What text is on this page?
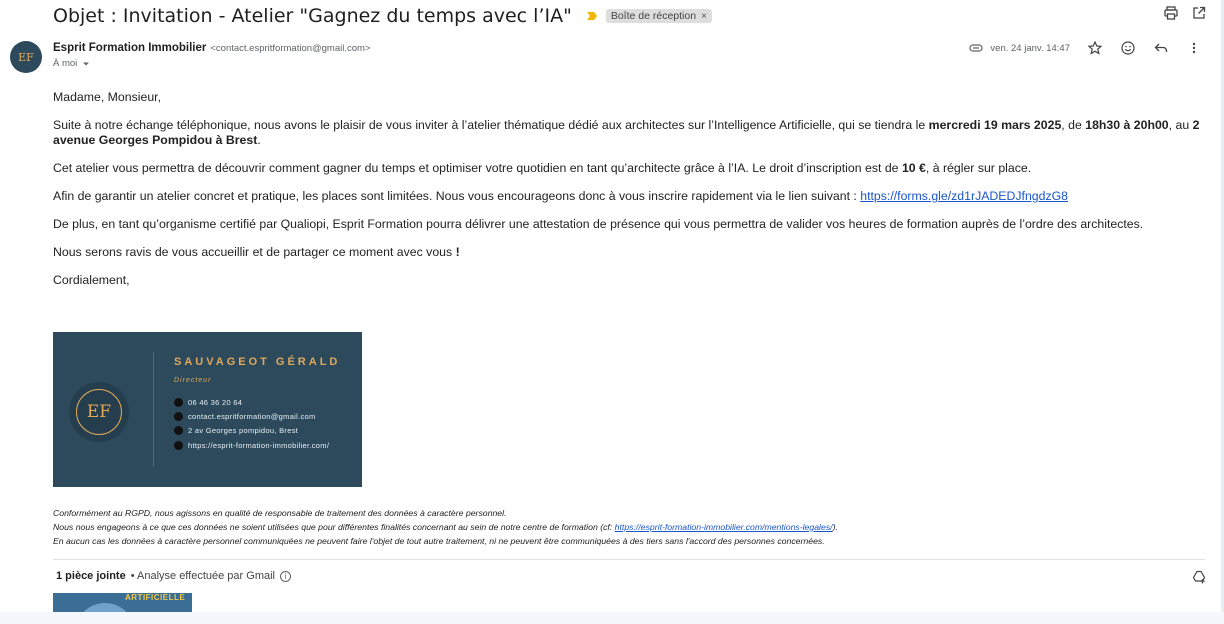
Objet : Invitation - Atelier "Gagnez du temps avec l’IA"	Boîte de réception ×
EF
Esprit Formation Immobilier <contact.espritformation@gmail.com>
À moi
ven. 24 janv. 14:47

Madame, Monsieur,

Suite à notre échange téléphonique, nous avons le plaisir de vous inviter à l’atelier thématique dédié aux architectes sur l’Intelligence Artificielle, qui se tiendra le mercredi 19 mars 2025, de 18h30 à 20h00, au 2 avenue Georges Pompidou à Brest.

Cet atelier vous permettra de découvrir comment gagner du temps et optimiser votre quotidien en tant qu’architecte grâce à l’IA. Le droit d’inscription est de 10 €, à régler sur place.

Afin de garantir un atelier concret et pratique, les places sont limitées. Nous vous encourageons donc à vous inscrire rapidement via le lien suivant : https://forms.gle/zd1rJADEDJfngdzG8

De plus, en tant qu’organisme certifié par Qualiopi, Esprit Formation pourra délivrer une attestation de présence qui vous permettra de valider vos heures de formation auprès de l’ordre des architectes.

Nous serons ravis de vous accueillir et de partager ce moment avec vous !

Cordialement,

EF
SAUVAGEOT GÉRALD
Directeur
06 46 36 20 64
contact.espritformation@gmail.com
2 av Georges pompidou, Brest
https://esprit-formation-immobilier.com/
Conformément au RGPD, nous agissons en qualité de responsable de traitement des données à caractère personnel.
Nous nous engageons à ce que ces données ne soient utilisées que pour différentes finalités concernant au sein de notre centre de formation (cf: https://esprit-formation-immobilier.com/mentions-legales/).
En aucun cas les données à caractère personnel communiquées ne peuvent faire l'objet de tout autre traitement, ni ne peuvent être communiquées à des tiers sans l'accord des personnes concernées.
1 pièce jointe • Analyse effectuée par Gmail	i
ARTIFICIELLE
